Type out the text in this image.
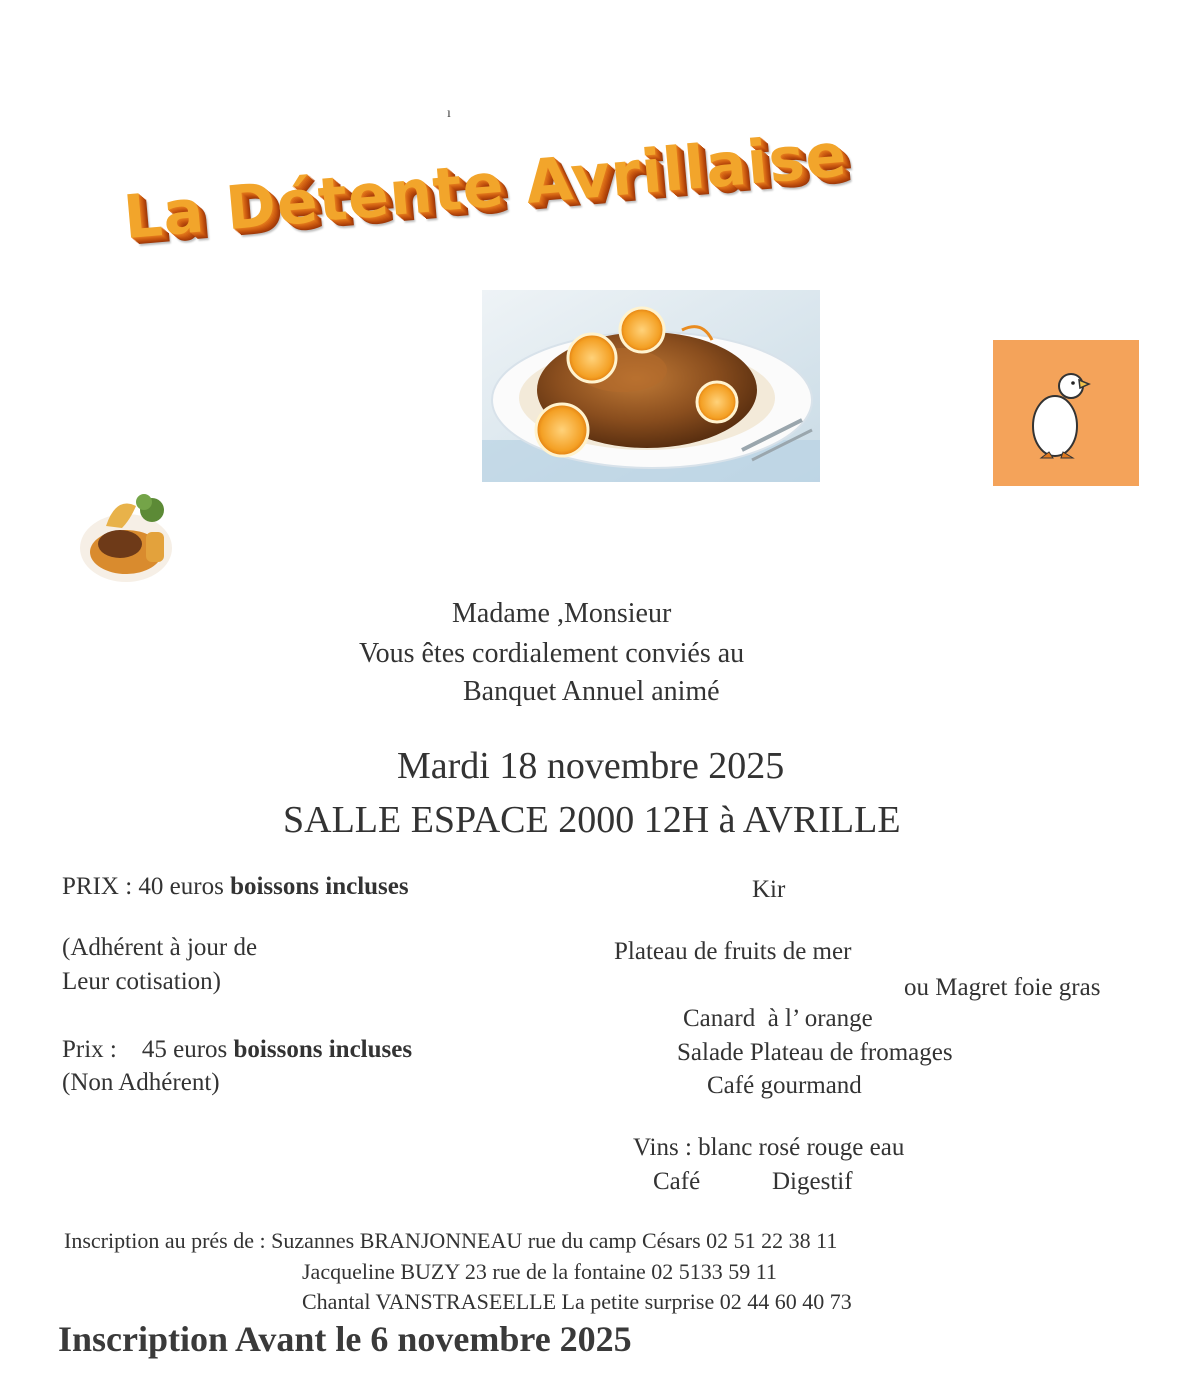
ı
La Détente Avrillaise
Madame ,Monsieur
Vous êtes cordialement conviés au
Banquet Annuel animé
Mardi 18 novembre 2025
SALLE ESPACE 2000 12H à AVRILLE
PRIX : 40 euros boissons incluses
(Adhérent à jour de
Leur cotisation)
Prix :    45 euros boissons incluses
(Non Adhérent)
Kir
Plateau de fruits de mer
ou Magret foie gras
Canard  à l’ orange
Salade Plateau de fromages
Café gourmand
Vins : blanc rosé rouge eau
Café	Digestif
Inscription au prés de : Suzannes BRANJONNEAU rue du camp Césars 02 51 22 38 11
Jacqueline BUZY 23 rue de la fontaine 02 5133 59 11
Chantal VANSTRASEELLE La petite surprise 02 44 60 40 73
Inscription Avant le 6 novembre 2025
